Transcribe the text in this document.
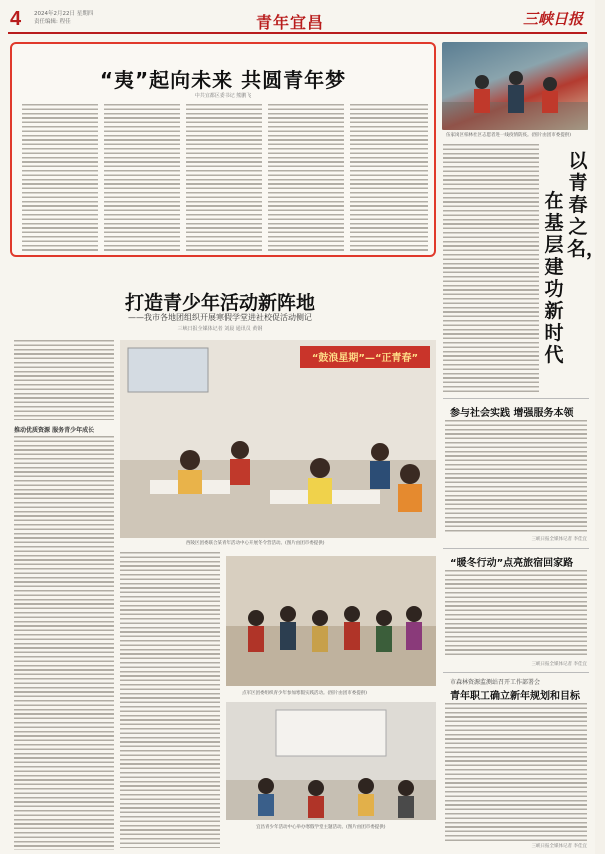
4 2024年2月22日 星期四
责任编辑: 程佳	青年宜昌	三峡日报
“夷”起向未来 共圆青年梦
中共宜都区委书记 熊鹏飞
伍家岗区柏林社区志愿者进一线疫情防疫。(图片由团市委提供)
以青春之名，
在基层建功新时代
打造青少年活动新阵地
——我市各地团组织开展寒假学堂进社校促活动侧记
三峡日报全媒体记者 刘晨 通讯员 黄钢
“鼓浪星期”—“正青春”
西陵区团委联合某青年活动中心开展冬令营活动。(图片由团市委提供)
推动优质资源 服务青少年成长
点军区团委组织青少年参加寒假实践活动。(图片由团市委提供)
宜昌青少年活动中心举办寒假学堂主题活动。(图片由团市委提供)
参与社会实践 增强服务本领
三峡日报全媒体记者 李佳宜
“暖冬行动”点亮旅宿回家路
三峡日报全媒体记者 李佳宜
市森林资源监测站召开工作部署会
青年职工确立新年规划和目标
三峡日报全媒体记者 李佳宜
